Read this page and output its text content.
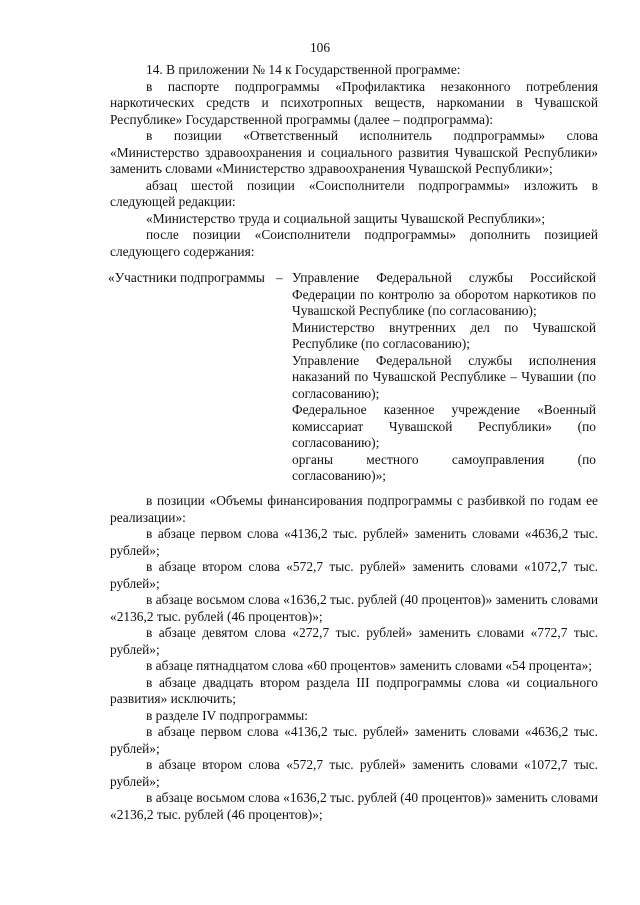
106

14. В приложении № 14 к Государственной программе:

в паспорте подпрограммы «Профилактика незаконного потребления наркотических средств и психотропных веществ, наркомании в Чувашской Республике» Государственной программы (далее – подпрограмма):

в позиции «Ответственный исполнитель подпрограммы» слова «Министерство здравоохранения и социального развития Чувашской Республики» заменить словами «Министерство здравоохранения Чувашской Республики»;

абзац шестой позиции «Соисполнители подпрограммы» изложить в следующей редакции:

«Министерство труда и социальной защиты Чувашской Республики»;

после позиции «Соисполнители подпрограммы» дополнить позицией следующего содержания:

«Участники подпрограммы – Управление Федеральной службы Российской Федерации по контролю за оборотом наркотиков по Чувашской Республике (по согласованию);

Министерство внутренних дел по Чувашской Республике (по согласованию);

Управление Федеральной службы исполнения наказаний по Чувашской Республике – Чувашии (по согласованию);

Федеральное казенное учреждение «Военный комиссариат Чувашской Республики» (по согласованию);

органы местного самоуправления (по согласованию)»;

в позиции «Объемы финансирования подпрограммы с разбивкой по годам ее реализации»:

в абзаце первом слова «4136,2 тыс. рублей» заменить словами «4636,2 тыс. рублей»;

в абзаце втором слова «572,7 тыс. рублей» заменить словами «1072,7 тыс. рублей»;

в абзаце восьмом слова «1636,2 тыс. рублей (40 процентов)» заменить словами «2136,2 тыс. рублей (46 процентов)»;

в абзаце девятом слова «272,7 тыс. рублей» заменить словами «772,7 тыс. рублей»;

в абзаце пятнадцатом слова «60 процентов» заменить словами «54 процента»;

в абзаце двадцать втором раздела III подпрограммы слова «и социального развития» исключить;

в разделе IV подпрограммы:

в абзаце первом слова «4136,2 тыс. рублей» заменить словами «4636,2 тыс. рублей»;

в абзаце втором слова «572,7 тыс. рублей» заменить словами «1072,7 тыс. рублей»;

в абзаце восьмом слова «1636,2 тыс. рублей (40 процентов)» заменить словами «2136,2 тыс. рублей (46 процентов)»;
